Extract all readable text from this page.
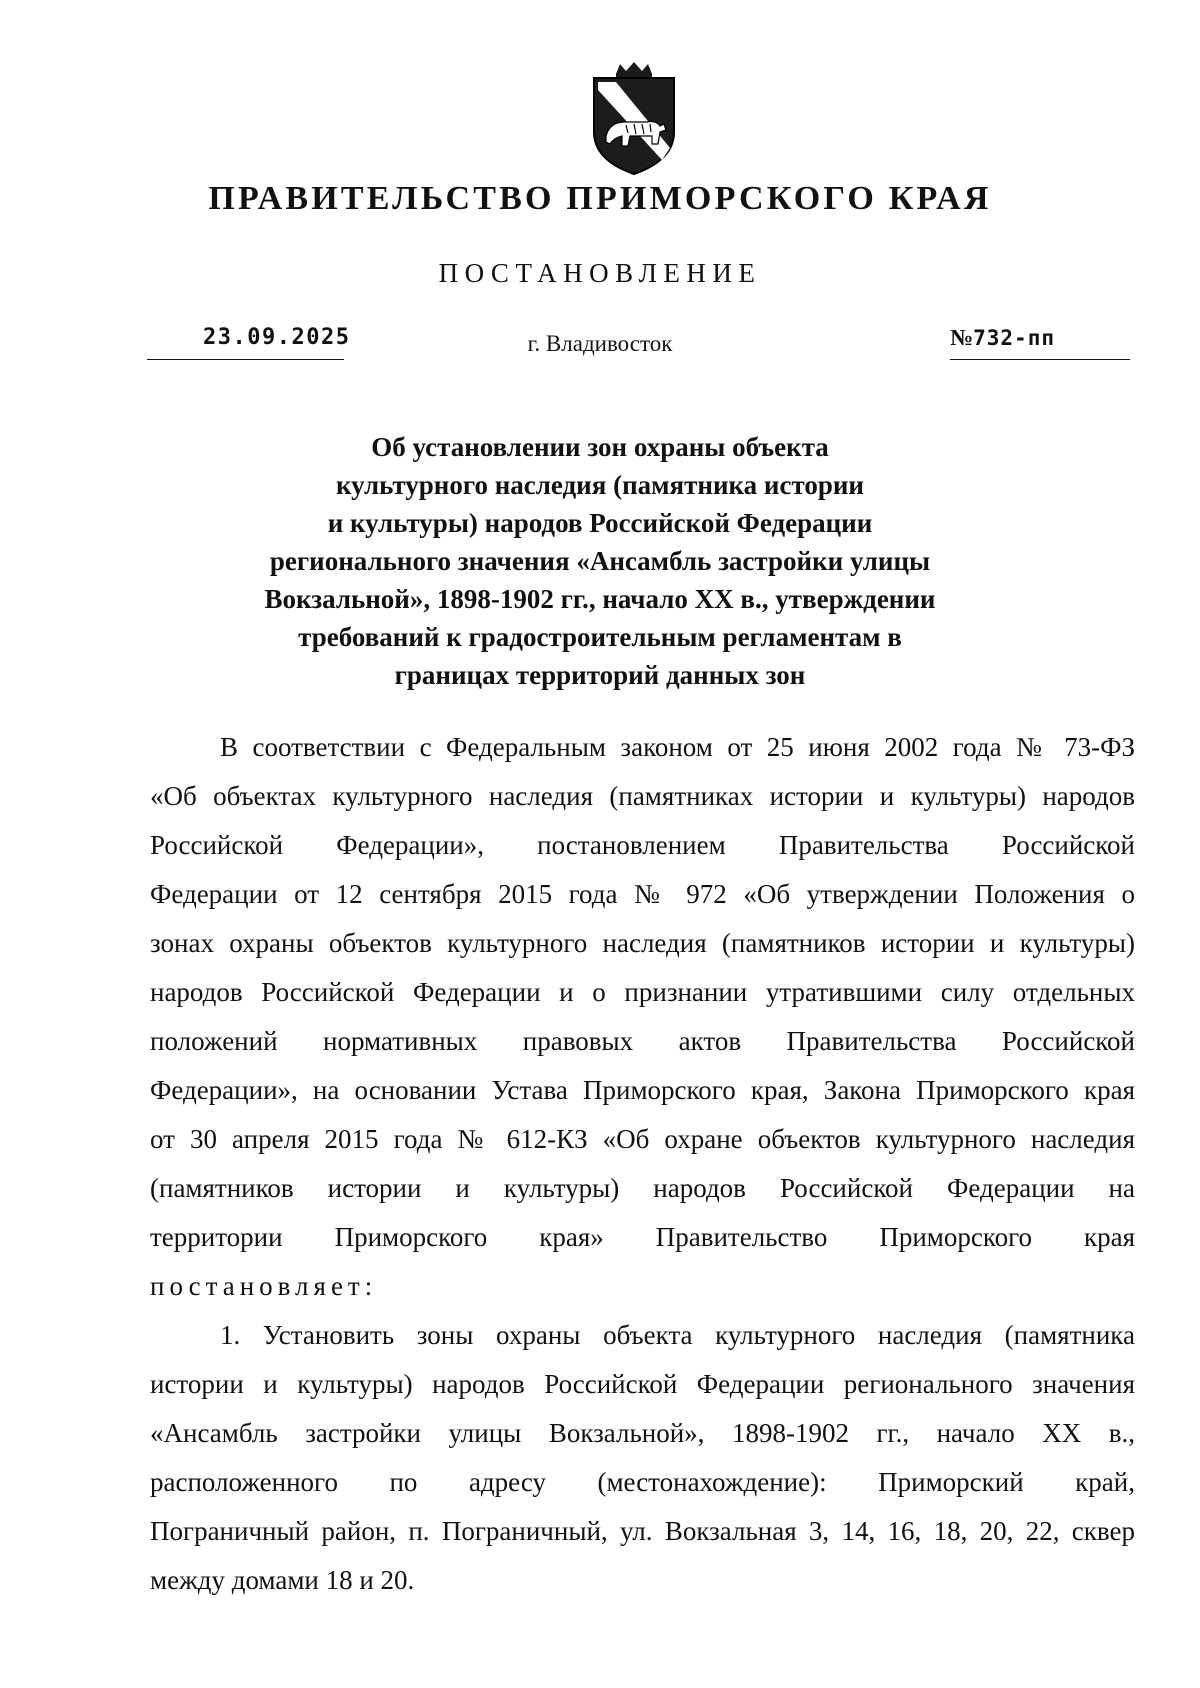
ПРАВИТЕЛЬСТВО ПРИМОРСКОГО КРАЯ
ПОСТАНОВЛЕНИЕ
23.09.2025	г. Владивосток	№732-пп
Об установлении зон охраны объекта
культурного наследия (памятника истории
и культуры) народов Российской Федерации
регионального значения «Ансамбль застройки улицы
Вокзальной», 1898-1902 гг., начало XX в., утверждении
требований к градостроительным регламентам в
границах территорий данных зон
В соответствии с Федеральным законом от 25 июня 2002 года № 73-ФЗ
«Об объектах культурного наследия (памятниках истории и культуры) народов
Российской Федерации», постановлением Правительства Российской
Федерации от 12 сентября 2015 года № 972 «Об утверждении Положения о
зонах охраны объектов культурного наследия (памятников истории и культуры)
народов Российской Федерации и о признании утратившими силу отдельных
положений нормативных правовых актов Правительства Российской
Федерации», на основании Устава Приморского края, Закона Приморского края
от 30 апреля 2015 года № 612-КЗ «Об охране объектов культурного наследия
(памятников истории и культуры) народов Российской Федерации на
территории Приморского края» Правительство Приморского края
постановляет:
1. Установить зоны охраны объекта культурного наследия (памятника
истории и культуры) народов Российской Федерации регионального значения
«Ансамбль застройки улицы Вокзальной», 1898-1902 гг., начало XX в.,
расположенного по адресу (местонахождение): Приморский край,
Пограничный район, п. Пограничный, ул. Вокзальная 3, 14, 16, 18, 20, 22, сквер
между домами 18 и 20.
